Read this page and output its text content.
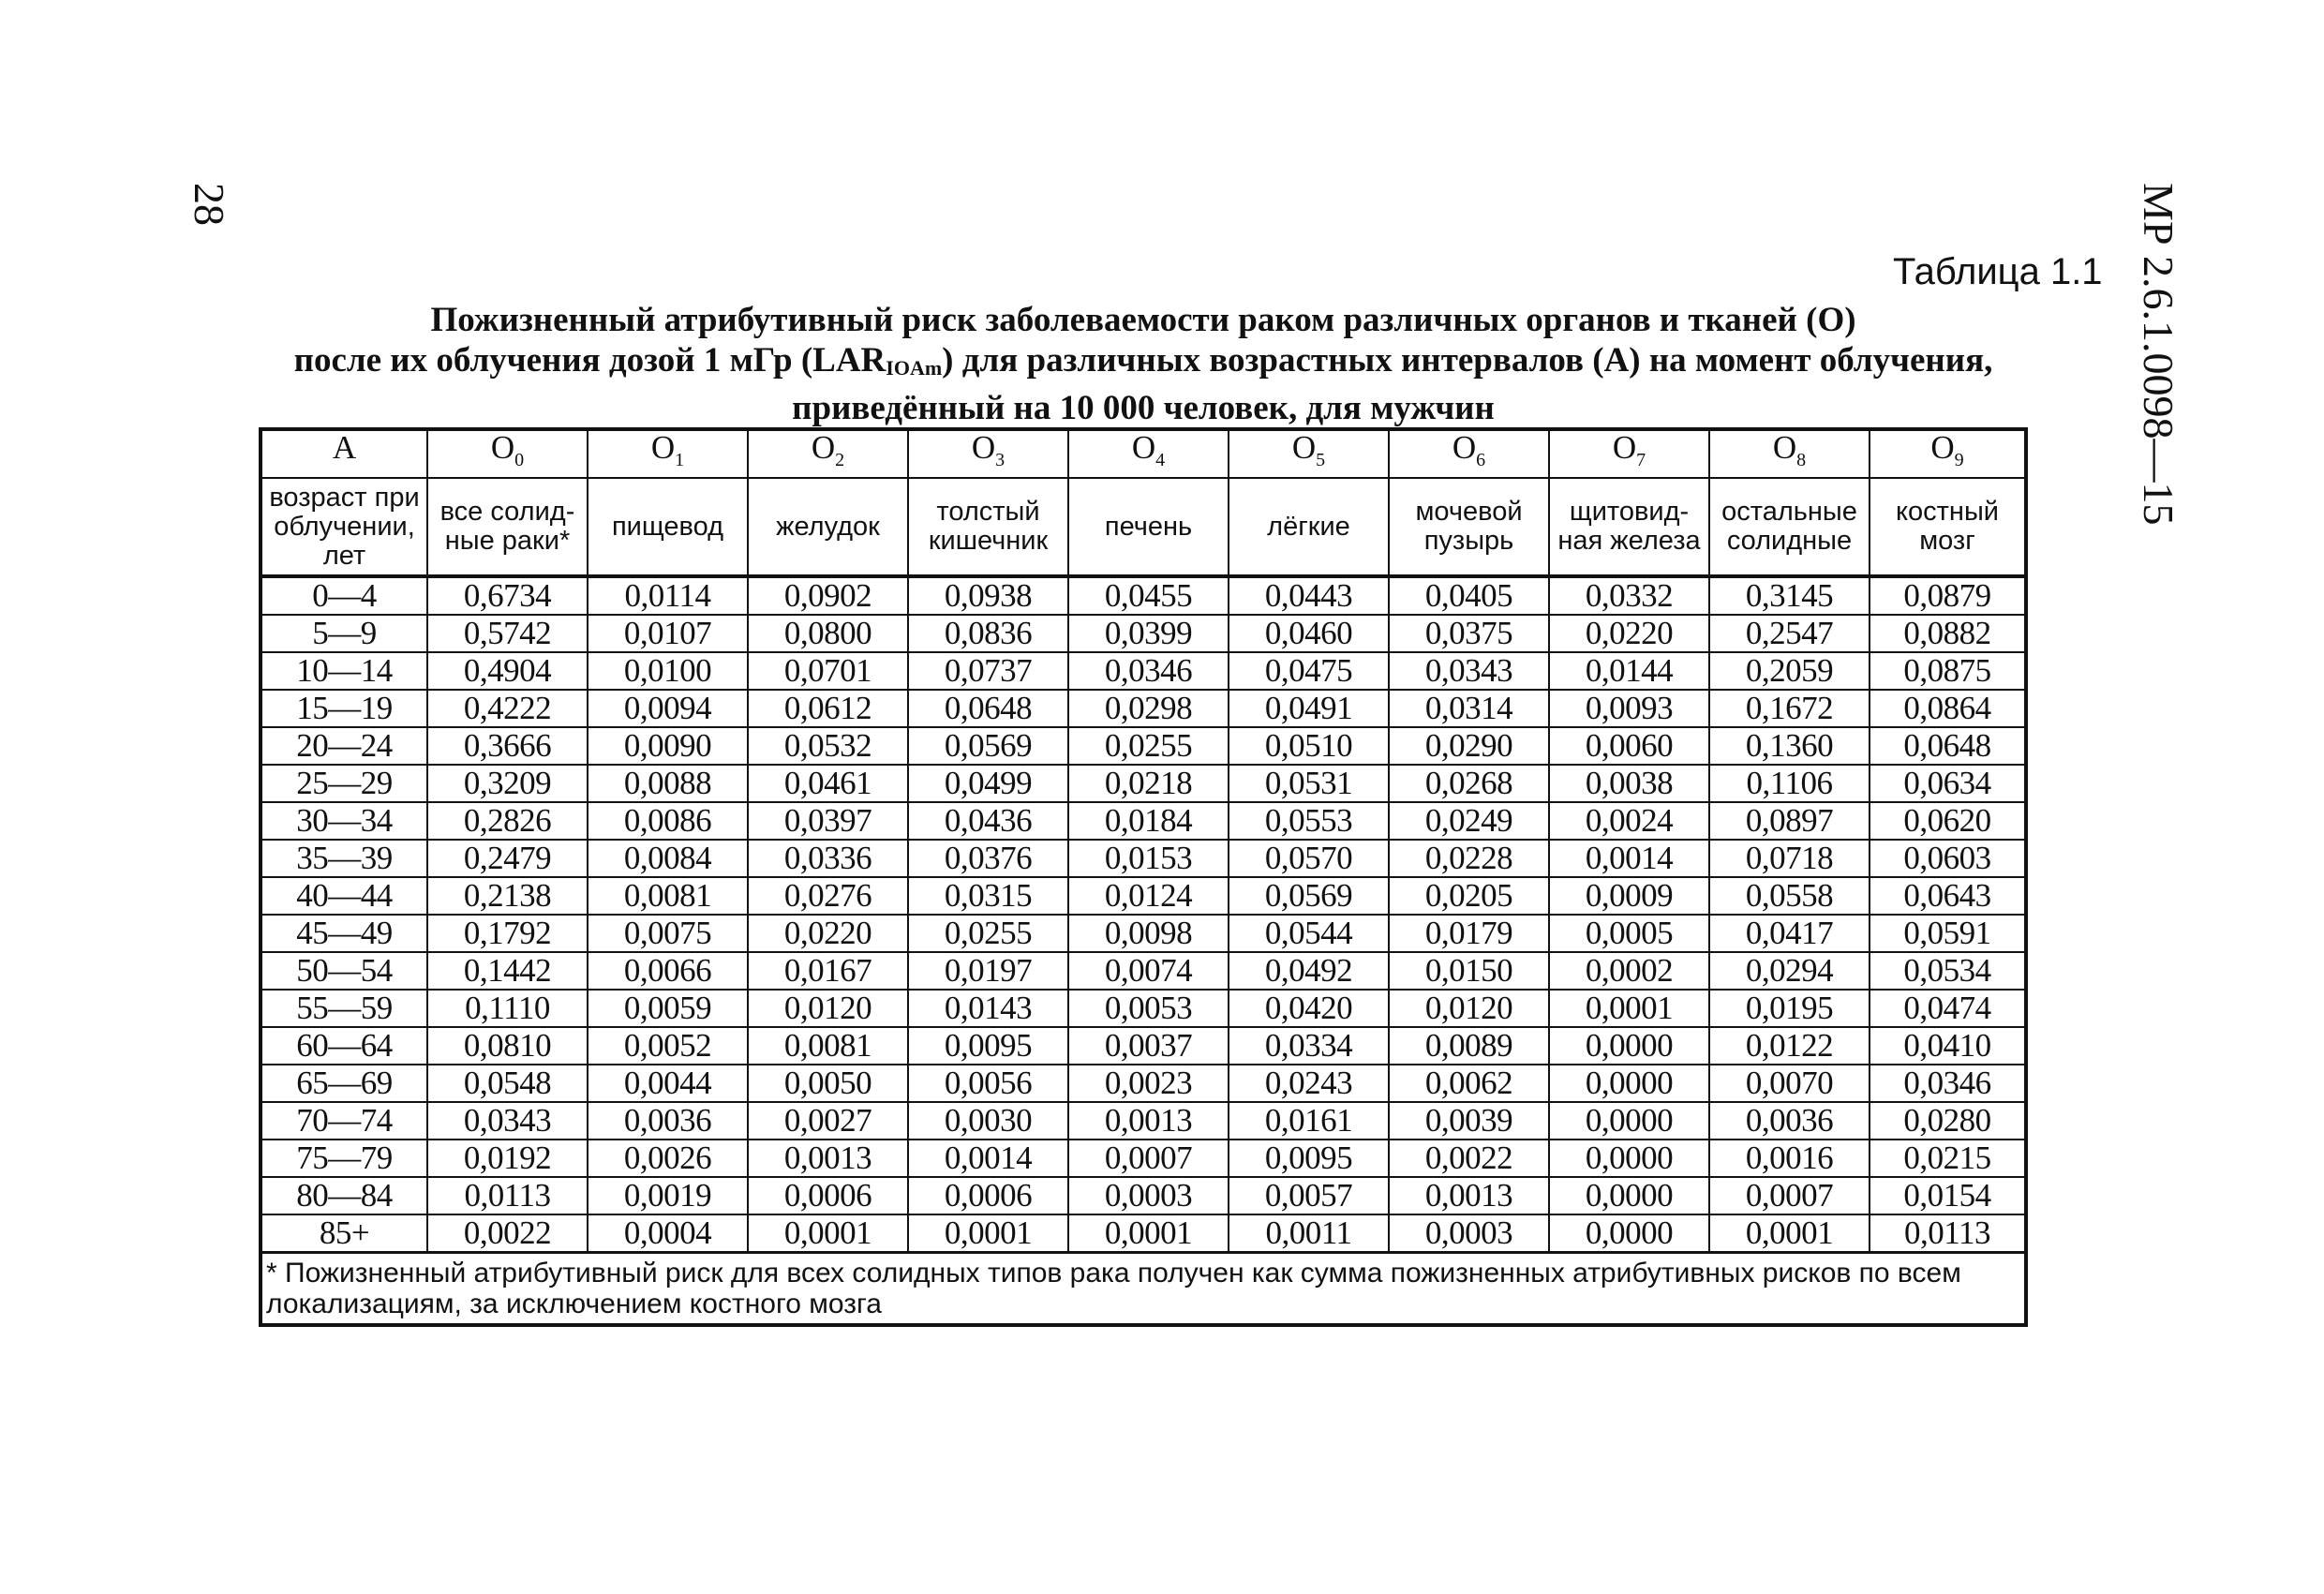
28	МР 2.6.1.0098—15
Таблица 1.1
Пожизненный атрибутивный риск заболеваемости раком различных органов и тканей (О)
после их облучения дозой 1 мГр $(LAR_{IOAm})$ для различных возрастных интервалов (А) на момент облучения,
приведённый на 10 000 человек, для мужчин
А	$O_0$	$O_1$	$O_2$	$O_3$	$O_4$	$O_5$	$O_6$	$O_7$	$O_8$	$O_9$
возраст при облучении, лет	все солид-ные раки*	пищевод	желудок	толстый кишечник	печень	лёгкие	мочевой пузырь	щитовид-ная железа	остальные солидные	костный мозг
0—4	0,6734	0,0114	0,0902	0,0938	0,0455	0,0443	0,0405	0,0332	0,3145	0,0879
5—9	0,5742	0,0107	0,0800	0,0836	0,0399	0,0460	0,0375	0,0220	0,2547	0,0882
10—14	0,4904	0,0100	0,0701	0,0737	0,0346	0,0475	0,0343	0,0144	0,2059	0,0875
15—19	0,4222	0,0094	0,0612	0,0648	0,0298	0,0491	0,0314	0,0093	0,1672	0,0864
20—24	0,3666	0,0090	0,0532	0,0569	0,0255	0,0510	0,0290	0,0060	0,1360	0,0648
25—29	0,3209	0,0088	0,0461	0,0499	0,0218	0,0531	0,0268	0,0038	0,1106	0,0634
30—34	0,2826	0,0086	0,0397	0,0436	0,0184	0,0553	0,0249	0,0024	0,0897	0,0620
35—39	0,2479	0,0084	0,0336	0,0376	0,0153	0,0570	0,0228	0,0014	0,0718	0,0603
40—44	0,2138	0,0081	0,0276	0,0315	0,0124	0,0569	0,0205	0,0009	0,0558	0,0643
45—49	0,1792	0,0075	0,0220	0,0255	0,0098	0,0544	0,0179	0,0005	0,0417	0,0591
50—54	0,1442	0,0066	0,0167	0,0197	0,0074	0,0492	0,0150	0,0002	0,0294	0,0534
55—59	0,1110	0,0059	0,0120	0,0143	0,0053	0,0420	0,0120	0,0001	0,0195	0,0474
60—64	0,0810	0,0052	0,0081	0,0095	0,0037	0,0334	0,0089	0,0000	0,0122	0,0410
65—69	0,0548	0,0044	0,0050	0,0056	0,0023	0,0243	0,0062	0,0000	0,0070	0,0346
70—74	0,0343	0,0036	0,0027	0,0030	0,0013	0,0161	0,0039	0,0000	0,0036	0,0280
75—79	0,0192	0,0026	0,0013	0,0014	0,0007	0,0095	0,0022	0,0000	0,0016	0,0215
80—84	0,0113	0,0019	0,0006	0,0006	0,0003	0,0057	0,0013	0,0000	0,0007	0,0154
85+	0,0022	0,0004	0,0001	0,0001	0,0001	0,0011	0,0003	0,0000	0,0001	0,0113
* Пожизненный атрибутивный риск для всех солидных типов рака получен как сумма пожизненных атрибутивных рисков по всем локализациям, за исключением костного мозга										
